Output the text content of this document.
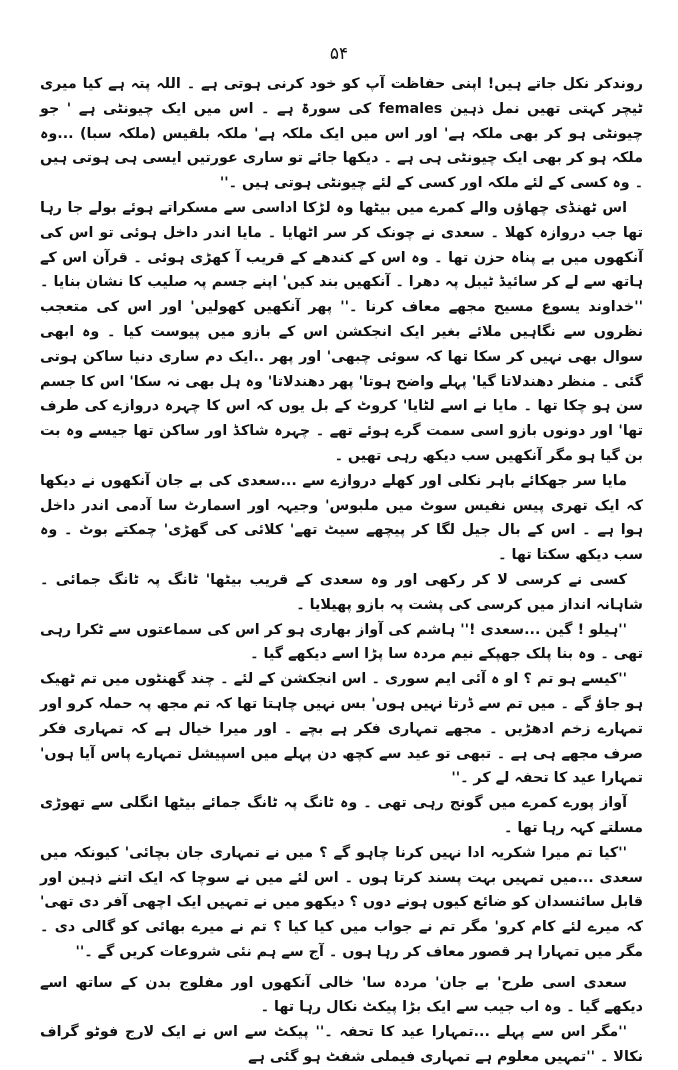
۵۴

روندکر نکل جاتے ہیں! اپنی حفاظت آپ کو خود کرنی ہوتی ہے ۔ اللہ پتہ ہے کیا میری ٹیچر کہتی تھیں نمل ذہین females کی سورۃ ہے ۔ اس میں ایک چیونٹی ہے ' جو چیونٹی ہو کر بھی ملکہ ہے' اور اس میں ایک ملکہ ہے' ملکہ بلقیس (ملکہ سبا) ...وہ ملکہ ہو کر بھی ایک چیونٹی ہی ہے ۔ دیکھا جائے تو ساری عورتیں ایسی ہی ہوتی ہیں ۔ وہ کسی کے لئے ملکہ اور کسی کے لئے چیونٹی ہوتی ہیں ۔''

اس ٹھنڈی چھاؤں والے کمرے میں بیٹھا وہ لڑکا اداسی سے مسکراتے ہوئے بولے جا رہا تھا جب دروازہ کھلا ۔ سعدی نے چونک کر سر اٹھایا ۔ مایا اندر داخل ہوئی تو اس کی آنکھوں میں بے پناہ حزن تھا ۔ وہ اس کے کندھے کے قریب آ کھڑی ہوئی ۔ قرآن اس کے ہاتھ سے لے کر سائیڈ ٹیبل پہ دھرا ۔ آنکھیں بند کیں' اپنے جسم پہ صلیب کا نشان بنایا ۔ ''خداوند یسوع مسیح مجھے معاف کرنا ۔'' پھر آنکھیں کھولیں' اور اس کی متعجب نظروں سے نگاہیں ملائے بغیر ایک انجکشن اس کے بازو میں پیوست کیا ۔ وہ ابھی سوال بھی نہیں کر سکا تھا کہ سوئی چبھی' اور پھر ..ایک دم ساری دنیا ساکن ہوتی گئی ۔ منظر دھندلاتا گیا' پہلے واضح ہوتا' پھر دھندلاتا' وہ ہل بھی نہ سکا' اس کا جسم سن ہو چکا تھا ۔ مایا نے اسے لٹایا' کروٹ کے بل یوں کہ اس کا چہرہ دروازے کی طرف تھا' اور دونوں بازو اسی سمت گرے ہوئے تھے ۔ چہرہ شاکڈ اور ساکن تھا جیسے وہ بت بن گیا ہو مگر آنکھیں سب دیکھ رہی تھیں ۔

مایا سر جھکائے باہر نکلی اور کھلے دروازے سے ...سعدی کی بے جان آنکھوں نے دیکھا کہ ایک تھری پیس نفیس سوٹ میں ملبوس' وجیہہ اور اسمارٹ سا آدمی اندر داخل ہوا ہے ۔ اس کے بال جیل لگا کر پیچھے سیٹ تھے' کلائی کی گھڑی' چمکتے بوٹ ۔ وہ سب دیکھ سکتا تھا ۔

کسی نے کرسی لا کر رکھی اور وہ سعدی کے قریب بیٹھا' ٹانگ پہ ٹانگ جمائی ۔ شاہانہ انداز میں کرسی کی پشت پہ بازو پھیلایا ۔

''ہیلو ! گین ...سعدی !'' ہاشم کی آواز بھاری ہو کر اس کی سماعتوں سے ٹکرا رہی تھی ۔ وہ بنا پلک جھپکے نیم مردہ سا پڑا اسے دیکھے گیا ۔

''کیسے ہو تم ؟ او ہ آئی ایم سوری ۔ اس انجکشن کے لئے ۔ چند گھنٹوں میں تم ٹھیک ہو جاؤ گے ۔ میں تم سے ڈرتا نہیں ہوں' بس نہیں چاہتا تھا کہ تم مجھ پہ حملہ کرو اور تمہارے زخم ادھڑیں ۔ مجھے تمہاری فکر ہے بچے ۔ اور میرا خیال ہے کہ تمہاری فکر صرف مجھے ہی ہے ۔ تبھی تو عید سے کچھ دن پہلے میں اسپیشل تمہارے پاس آیا ہوں' تمہارا عید کا تحفہ لے کر ۔''

آواز پورے کمرے میں گونج رہی تھی ۔ وہ ٹانگ پہ ٹانگ جمائے بیٹھا انگلی سے تھوڑی مسلتے کہہ رہا تھا ۔

''کیا تم میرا شکریہ ادا نہیں کرنا چاہو گے ؟ میں نے تمہاری جان بچائی' کیونکہ میں سعدی ...میں تمہیں بہت پسند کرتا ہوں ۔ اس لئے میں نے سوچا کہ ایک اتنے ذہین اور قابل سائنسدان کو ضائع کیوں ہونے دوں ؟ دیکھو میں نے تمہیں ایک اچھی آفر دی تھی' کہ میرے لئے کام کرو' مگر تم نے جواب میں کیا کیا ؟ تم نے میرے بھائی کو گالی دی ۔ مگر میں تمہارا ہر قصور معاف کر رہا ہوں ۔ آج سے ہم نئی شروعات کریں گے ۔''

سعدی اسی طرح' بے جان' مردہ سا' خالی آنکھوں اور مفلوج بدن کے ساتھ اسے دیکھے گیا ۔ وہ اب جیب سے ایک بڑا پیکٹ نکال رہا تھا ۔

''مگر اس سے پہلے ...تمہارا عید کا تحفہ ۔'' پیکٹ سے اس نے ایک لارج فوٹو گراف نکالا ۔ ''تمہیں معلوم ہے تمہاری فیملی شفٹ ہو گئی ہے
